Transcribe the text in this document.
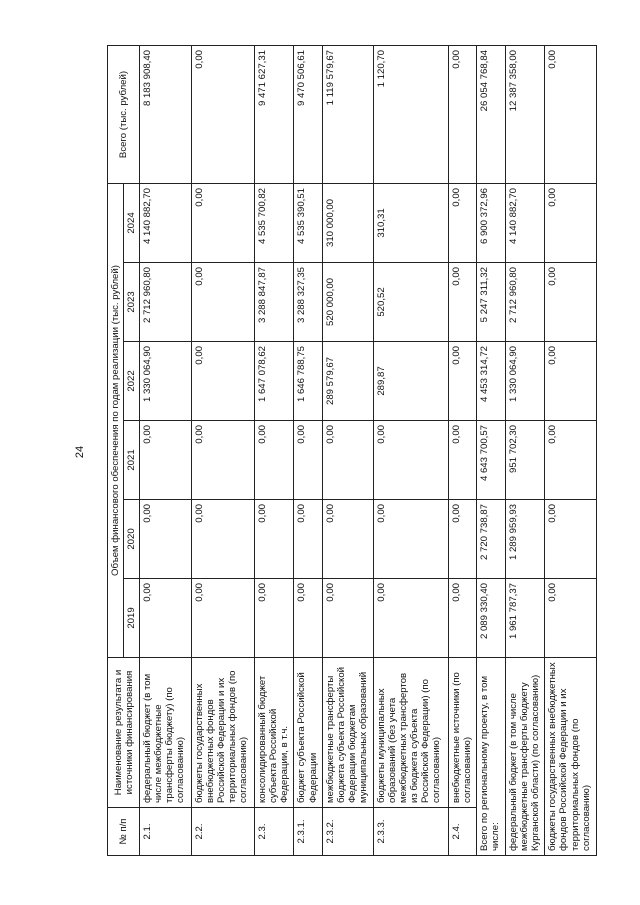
24
№ п/п	Наименование результата и источники финансирования	Объем финансового обеспечения по годам реализации (тыс. рублей)						Всего (тыс. рублей)
		2019	2020	2021	2022	2023	2024	
2.1.	федеральный бюджет (в том числе межбюджетные трансферты бюджету) (по согласованию)	0,00	0,00	0,00	1 330 064,90	2 712 960,80	4 140 882,70	8 183 908,40
2.2.	бюджеты государственных внебюджетных фондов Российской Федерации и их территориальных фондов (по согласованию)	0,00	0,00	0,00	0,00	0,00	0,00	0,00
2.3.	консолидированный бюджет субъекта Российской Федерации, в т.ч.	0,00	0,00	0,00	1 647 078,62	3 288 847,87	4 535 700,82	9 471 627,31
2.3.1.	бюджет субъекта Российской Федерации	0,00	0,00	0,00	1 646 788,75	3 288 327,35	4 535 390,51	9 470 506,61
2.3.2.	межбюджетные трансферты бюджета субъекта Российской Федерации бюджетам муниципальных образований	0,00	0,00	0,00	289 579,67	520 000,00	310 000,00	1 119 579,67
2.3.3.	бюджеты муниципальных образований (без учета межбюджетных трансфертов из бюджета субъекта Российской Федерации) (по согласованию)	0,00	0,00	0,00	289,87	520,52	310,31	1 120,70
2.4.	внебюджетные источники (по согласованию)	0,00	0,00	0,00	0,00	0,00	0,00	0,00
Всего по региональному проекту, в том числе:		2 089 330,40	2 720 738,87	4 643 700,57	4 453 314,72	5 247 311,32	6 900 372,96	26 054 768,84
федеральный бюджет (в том числе межбюджетные трансферты бюджету Курганской области) (по согласованию)		1 961 787,37	1 289 959,93	951 702,30	1 330 064,90	2 712 960,80	4 140 882,70	12 387 358,00
бюджеты государственных внебюджетных фондов Российской Федерации и их территориальных фондов (по согласованию)		0,00	0,00	0,00	0,00	0,00	0,00	0,00
